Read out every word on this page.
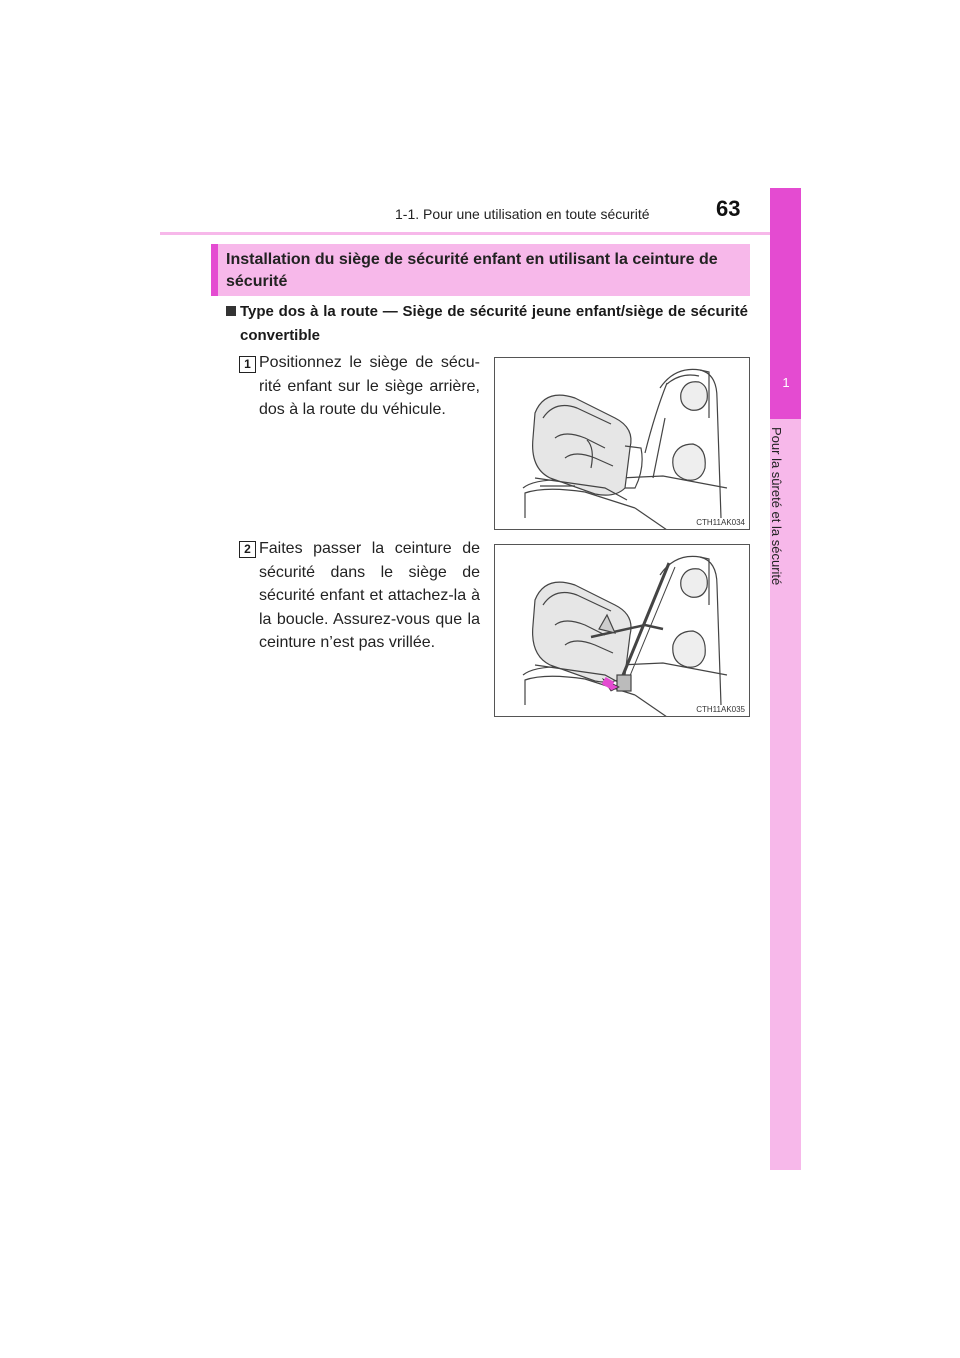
1-1. Pour une utilisation en toute sécurité	63
1
Pour la sûreté et la sécurité
Installation du siège de sécurité enfant en utilisant la ceinture de sécurité
Type dos à la route — Siège de sécurité jeune enfant/siège de sécurité convertible
1 Positionnez le siège de sécu-rité enfant sur le siège arrière, dos à la route du véhicule.
CTH11AK034
2 Faites passer la ceinture de sécurité dans le siège de sécurité enfant et attachez-la à la boucle. Assurez-vous que la ceinture n’est pas vrillée.
CTH11AK035
